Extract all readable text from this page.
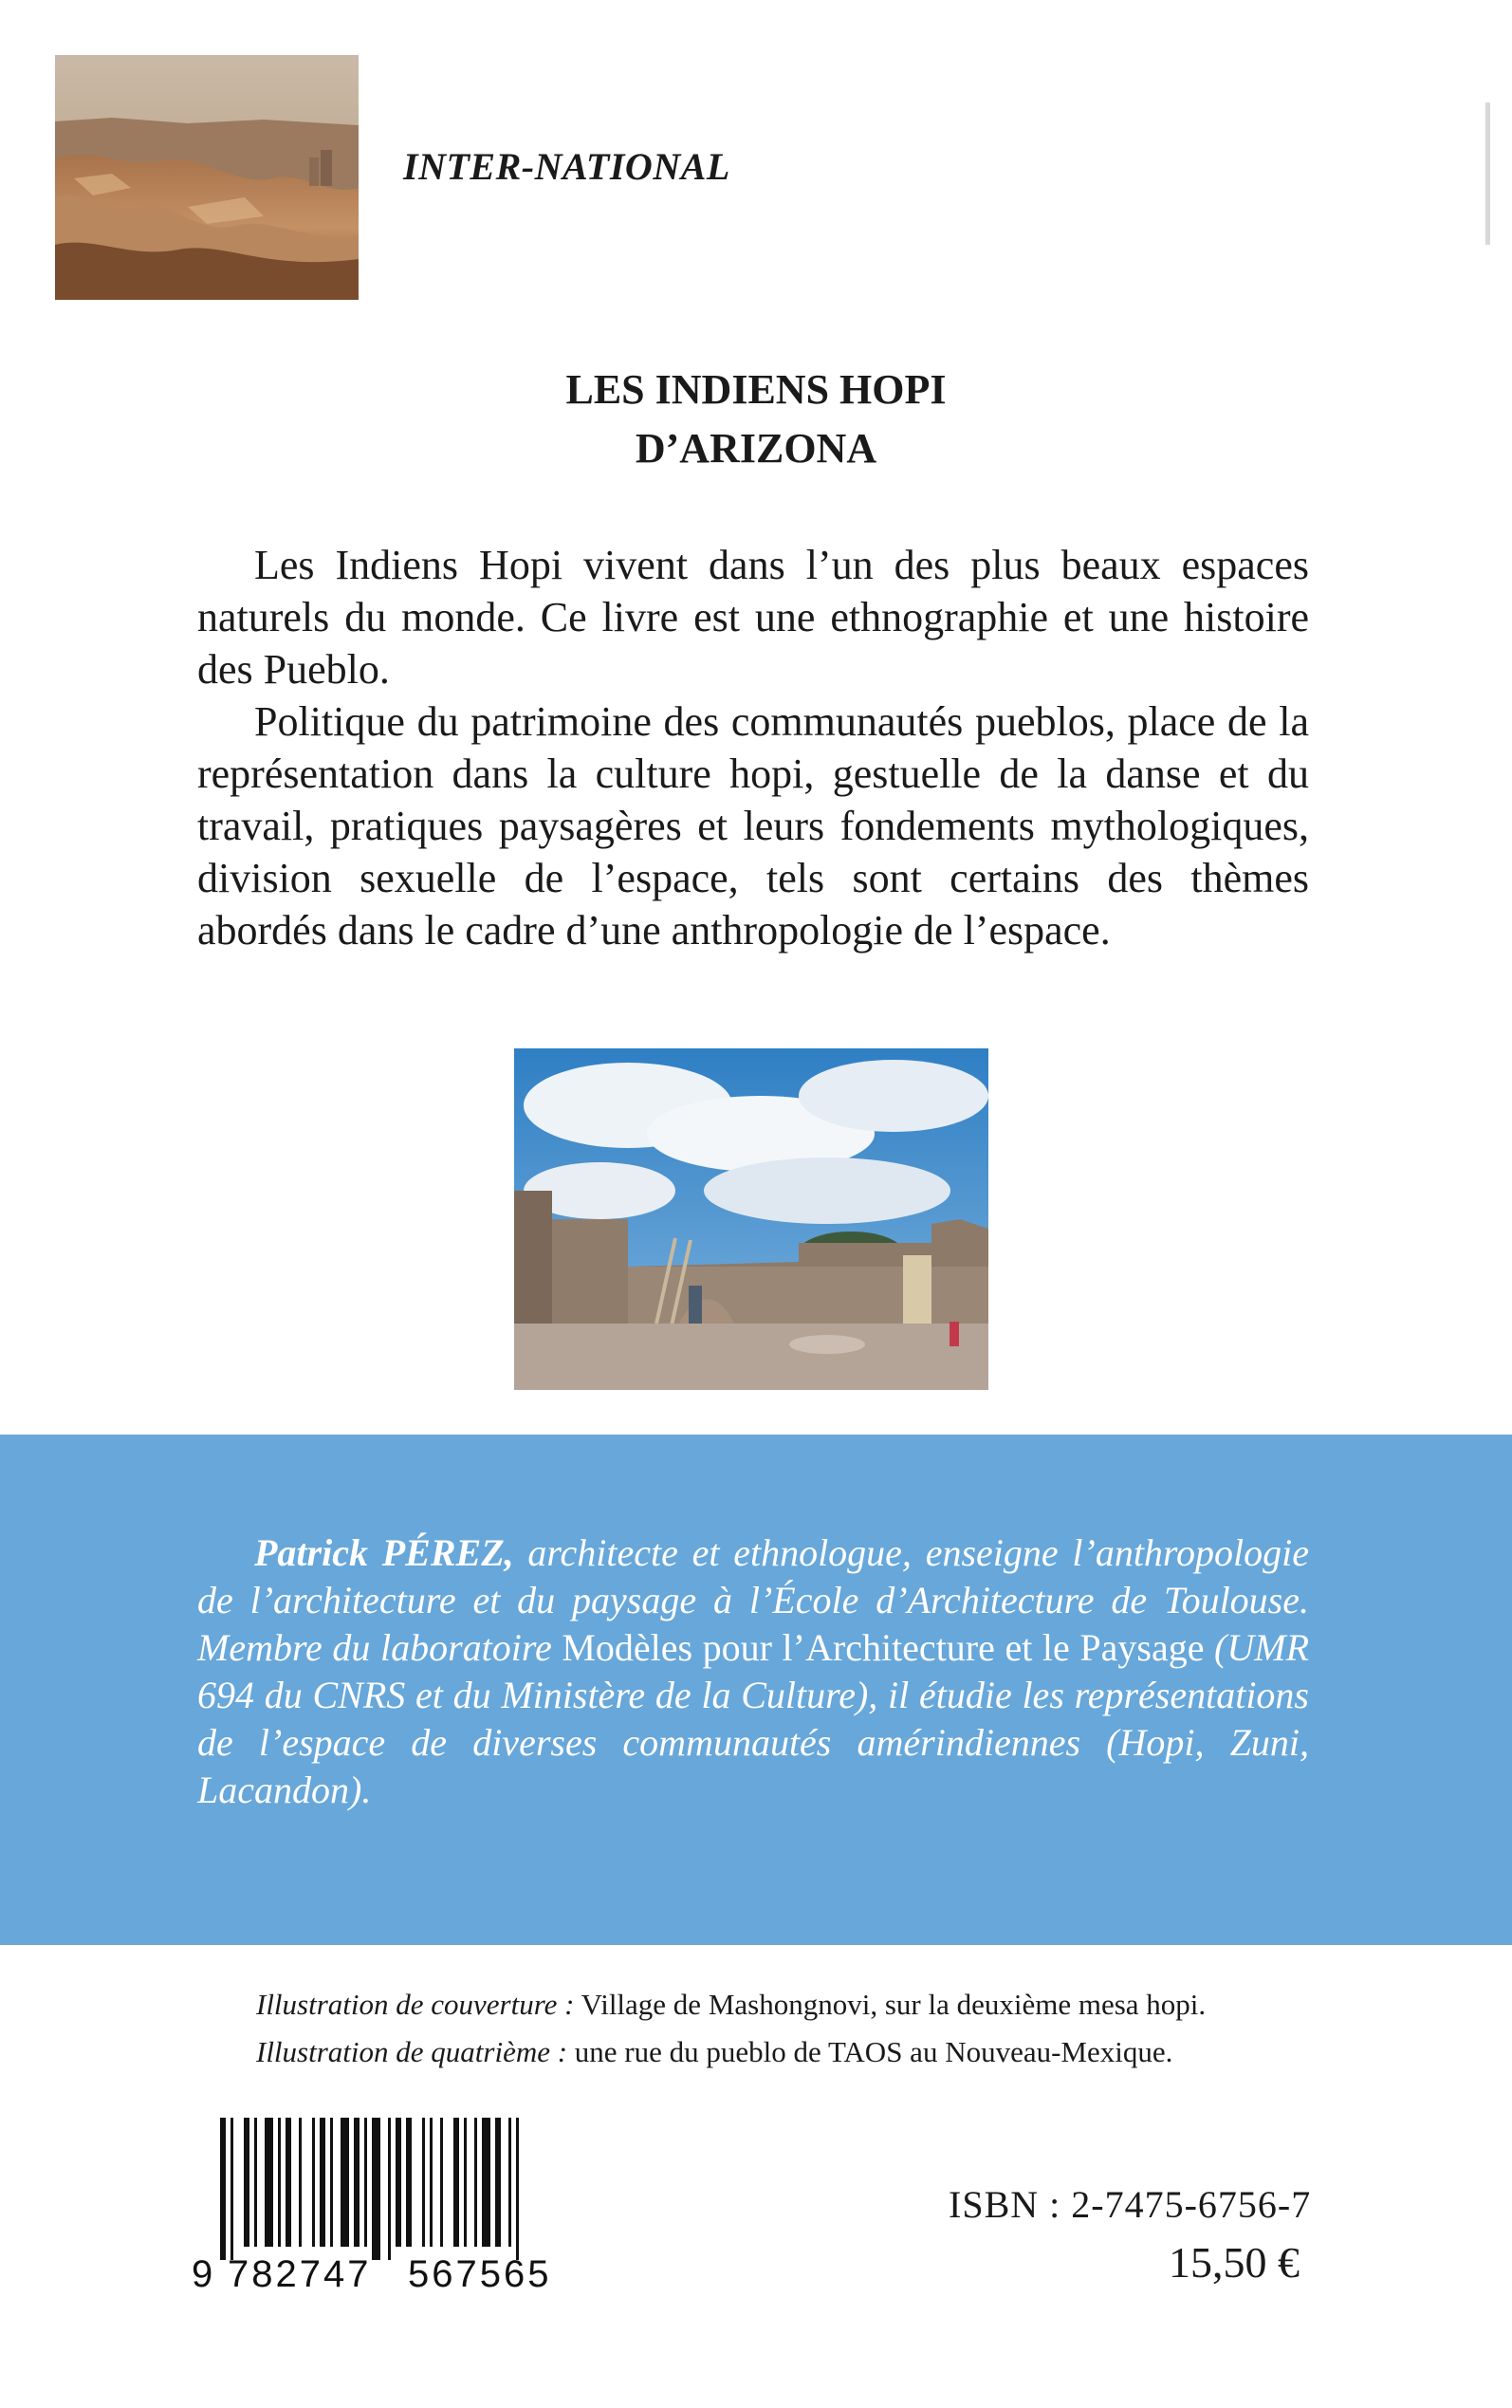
INTER-NATIONAL
LES INDIENS HOPI
D’ARIZONA

Les Indiens Hopi vivent dans l’un des plus beaux espaces naturels du monde. Ce livre est une ethnographie et une histoire des Pueblo.

Politique du patrimoine des communautés pueblos, place de la représentation dans la culture hopi, gestuelle de la danse et du travail, pratiques paysagères et leurs fondements mythologiques, division sexuelle de l’espace, tels sont certains des thèmes abordés dans le cadre d’une anthropologie de l’espace.

Patrick PÉREZ, architecte et ethnologue, enseigne l’anthropologie de l’architecture et du paysage à l’École d’Architecture de Toulouse. Membre du laboratoire Modèles pour l’Architecture et le Paysage (UMR 694 du CNRS et du Ministère de la Culture), il étudie les représentations de l’espace de diverses communautés amérindiennes (Hopi, Zuni, Lacandon).

Illustration de couverture : Village de Mashongnovi, sur la deuxième mesa hopi.
Illustration de quatrième : une rue du pueblo de TAOS au Nouveau-Mexique.
9 782747 567565
ISBN : 2-7475-6756-7
15,50 €
